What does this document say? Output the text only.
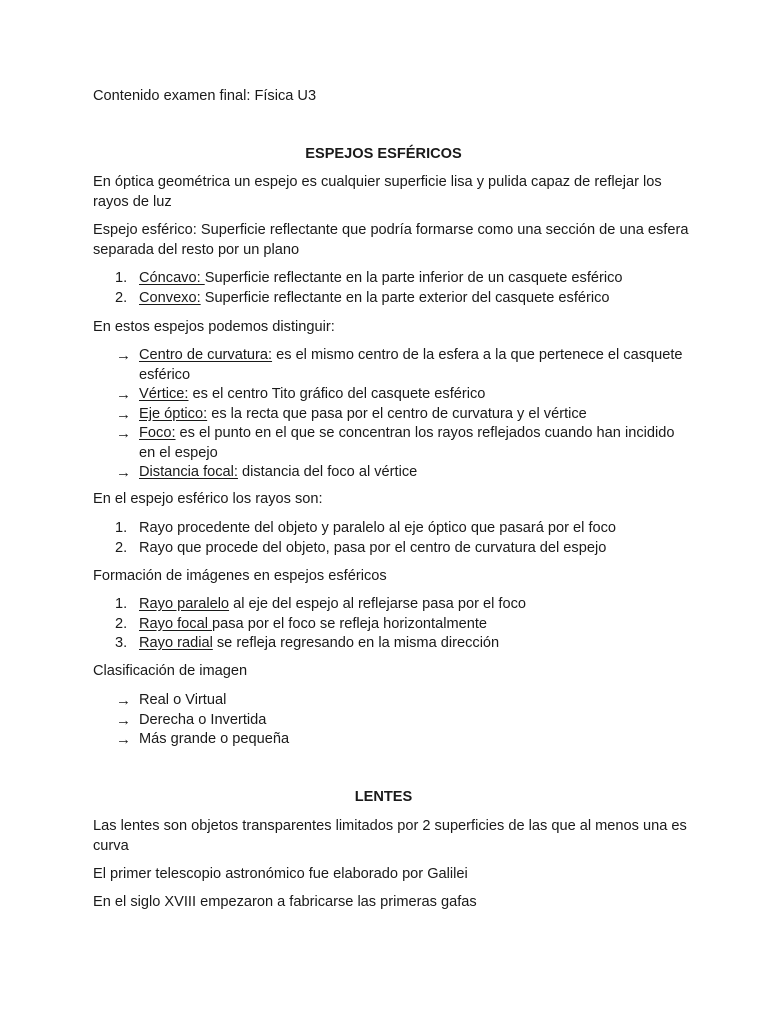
Contenido examen final: Física U3

ESPEJOS ESFÉRICOS

En óptica geométrica un espejo es cualquier superficie lisa y pulida capaz de reflejar los rayos de luz

Espejo esférico: Superficie reflectante que podría formarse como una sección de una esfera separada del resto por un plano

1. Cóncavo: Superficie reflectante en la parte inferior de un casquete esférico
2. Convexo: Superficie reflectante en la parte exterior del casquete esférico

En estos espejos podemos distinguir:

→ Centro de curvatura: es el mismo centro de la esfera a la que pertenece el casquete esférico
→ Vértice: es el centro Tito gráfico del casquete esférico
→ Eje óptico: es la recta que pasa por el centro de curvatura y el vértice
→ Foco: es el punto en el que se concentran los rayos reflejados cuando han incidido en el espejo
→ Distancia focal: distancia del foco al vértice

En el espejo esférico los rayos son:

1. Rayo procedente del objeto y paralelo al eje óptico que pasará por el foco
2. Rayo que procede del objeto, pasa por el centro de curvatura del espejo

Formación de imágenes en espejos esféricos

1. Rayo paralelo al eje del espejo al reflejarse pasa por el foco
2. Rayo focal pasa por el foco se refleja horizontalmente
3. Rayo radial se refleja regresando en la misma dirección

Clasificación de imagen

→ Real o Virtual
→ Derecha o Invertida
→ Más grande o pequeña

LENTES

Las lentes son objetos transparentes limitados por 2 superficies de las que al menos una es curva

El primer telescopio astronómico fue elaborado por Galilei

En el siglo XVIII empezaron a fabricarse las primeras gafas
